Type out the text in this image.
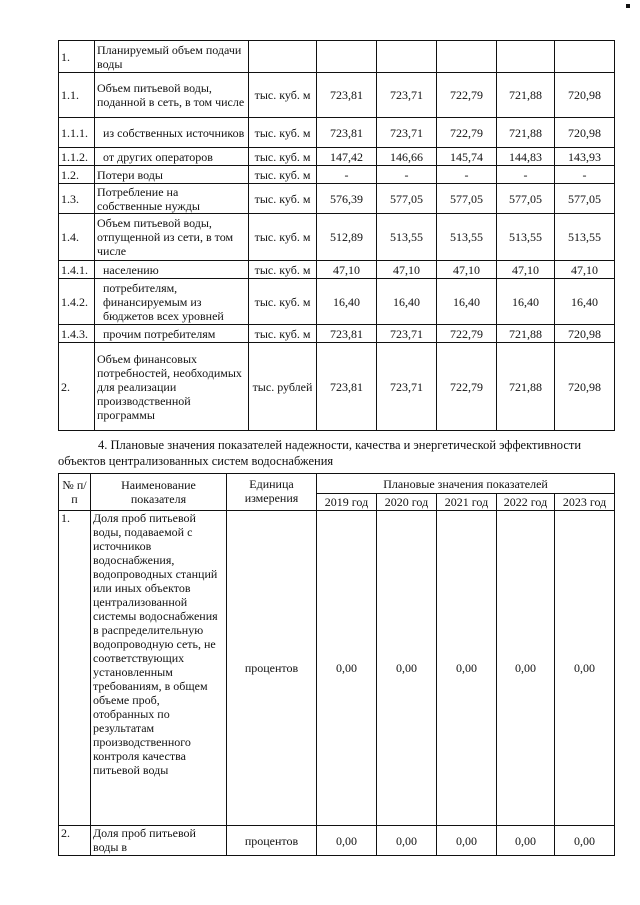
1.	Планируемый объем подачи воды						
1.1.	Объем питьевой воды, поданной в сеть, в том числе	тыс. куб. м	723,81	723,71	722,79	721,88	720,98
1.1.1.	из собственных источников	тыс. куб. м	723,81	723,71	722,79	721,88	720,98
1.1.2.	от других операторов	тыс. куб. м	147,42	146,66	145,74	144,83	143,93
1.2.	Потери воды	тыс. куб. м	-	-	-	-	-
1.3.	Потребление на собственные нужды	тыс. куб. м	576,39	577,05	577,05	577,05	577,05
1.4.	Объем питьевой воды, отпущенной из сети, в том числе	тыс. куб. м	512,89	513,55	513,55	513,55	513,55
1.4.1.	населению	тыс. куб. м	47,10	47,10	47,10	47,10	47,10
1.4.2.	потребителям, финансируемым из бюджетов всех уровней	тыс. куб. м	16,40	16,40	16,40	16,40	16,40
1.4.3.	прочим потребителям	тыс. куб. м	723,81	723,71	722,79	721,88	720,98
2.	Объем финансовых потребностей, необходимых для реализации производственной программы	тыс. рублей	723,81	723,71	722,79	721,88	720,98
4. Плановые значения показателей надежности, качества и энергетической эффективности
объектов централизованных систем водоснабжения
№ п/п	Наименование показателя	Единица измерения	Плановые значения показателей				
			2019 год	2020 год	2021 год	2022 год	2023 год
1.	Доля проб питьевой воды, подаваемой с источников водоснабжения, водопроводных станций или иных объектов централизованной системы водоснабжения в распределительную водопроводную сеть, не соответствующих установленным требованиям, в общем объеме проб, отобранных по результатам производственного контроля качества питьевой воды	процентов	0,00	0,00	0,00	0,00	0,00
2.	Доля проб питьевой воды в	процентов	0,00	0,00	0,00	0,00	0,00
